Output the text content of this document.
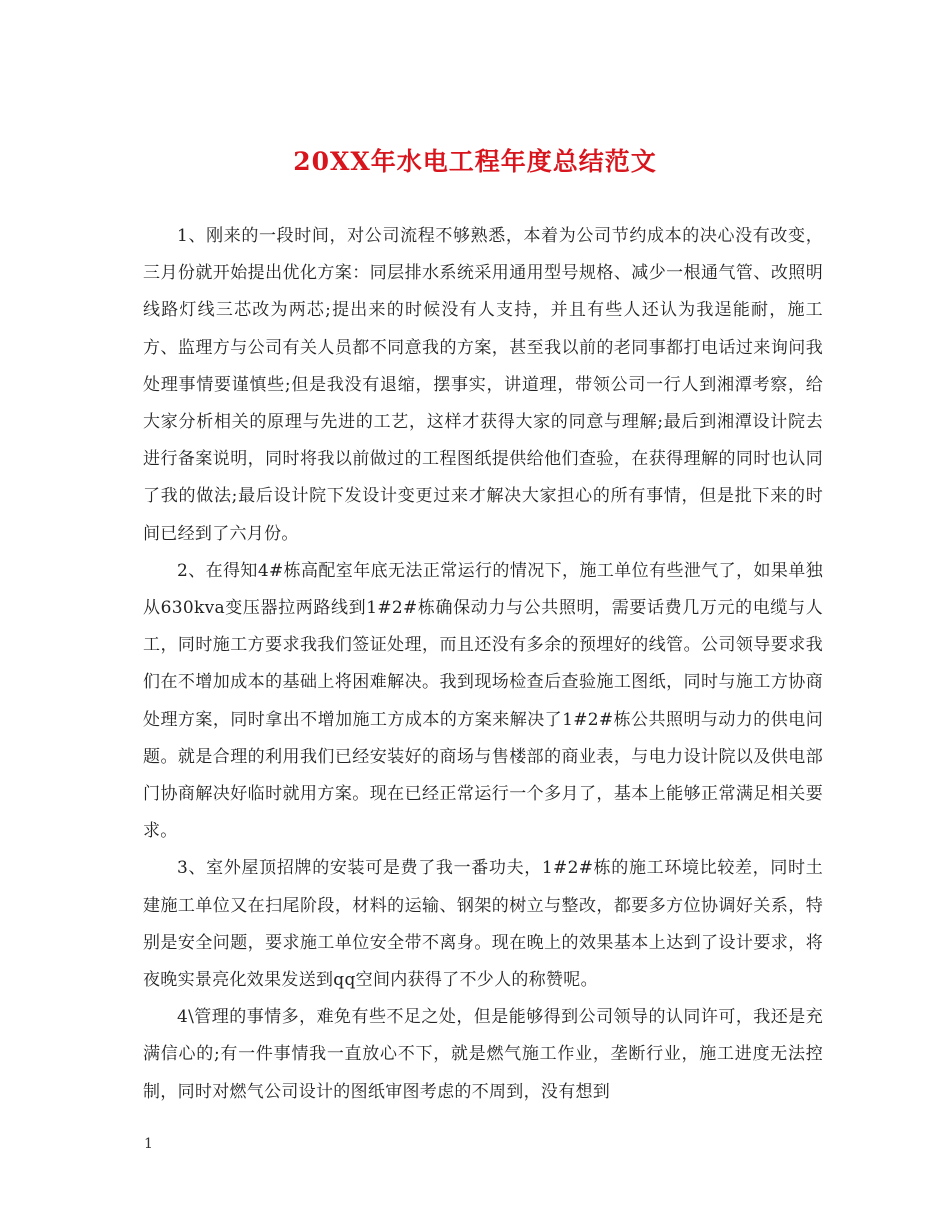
20XX年水电工程年度总结范文

1、刚来的一段时间，对公司流程不够熟悉，本着为公司节约成本的决心没有改变，三月份就开始提出优化方案：同层排水系统采用通用型号规格、减少一根通气管、改照明线路灯线三芯改为两芯;提出来的时候没有人支持，并且有些人还认为我逞能耐，施工方、监理方与公司有关人员都不同意我的方案，甚至我以前的老同事都打电话过来询问我处理事情要谨慎些;但是我没有退缩，摆事实，讲道理，带领公司一行人到湘潭考察，给大家分析相关的原理与先进的工艺，这样才获得大家的同意与理解;最后到湘潭设计院去进行备案说明，同时将我以前做过的工程图纸提供给他们查验，在获得理解的同时也认同了我的做法;最后设计院下发设计变更过来才解决大家担心的所有事情，但是批下来的时间已经到了六月份。

2、在得知4#栋高配室年底无法正常运行的情况下，施工单位有些泄气了，如果单独从630kva变压器拉两路线到1#2#栋确保动力与公共照明，需要话费几万元的电缆与人工，同时施工方要求我我们签证处理，而且还没有多余的预埋好的线管。公司领导要求我们在不增加成本的基础上将困难解决。我到现场检查后查验施工图纸，同时与施工方协商处理方案，同时拿出不增加施工方成本的方案来解决了1#2#栋公共照明与动力的供电问题。就是合理的利用我们已经安装好的商场与售楼部的商业表，与电力设计院以及供电部门协商解决好临时就用方案。现在已经正常运行一个多月了，基本上能够正常满足相关要求。

3、室外屋顶招牌的安装可是费了我一番功夫，1#2#栋的施工环境比较差，同时土建施工单位又在扫尾阶段，材料的运输、钢架的树立与整改，都要多方位协调好关系，特别是安全问题，要求施工单位安全带不离身。现在晚上的效果基本上达到了设计要求，将夜晚实景亮化效果发送到qq空间内获得了不少人的称赞呢。

4\管理的事情多，难免有些不足之处，但是能够得到公司领导的认同许可，我还是充满信心的;有一件事情我一直放心不下，就是燃气施工作业，垄断行业，施工进度无法控制，同时对燃气公司设计的图纸审图考虑的不周到，没有想到

1
